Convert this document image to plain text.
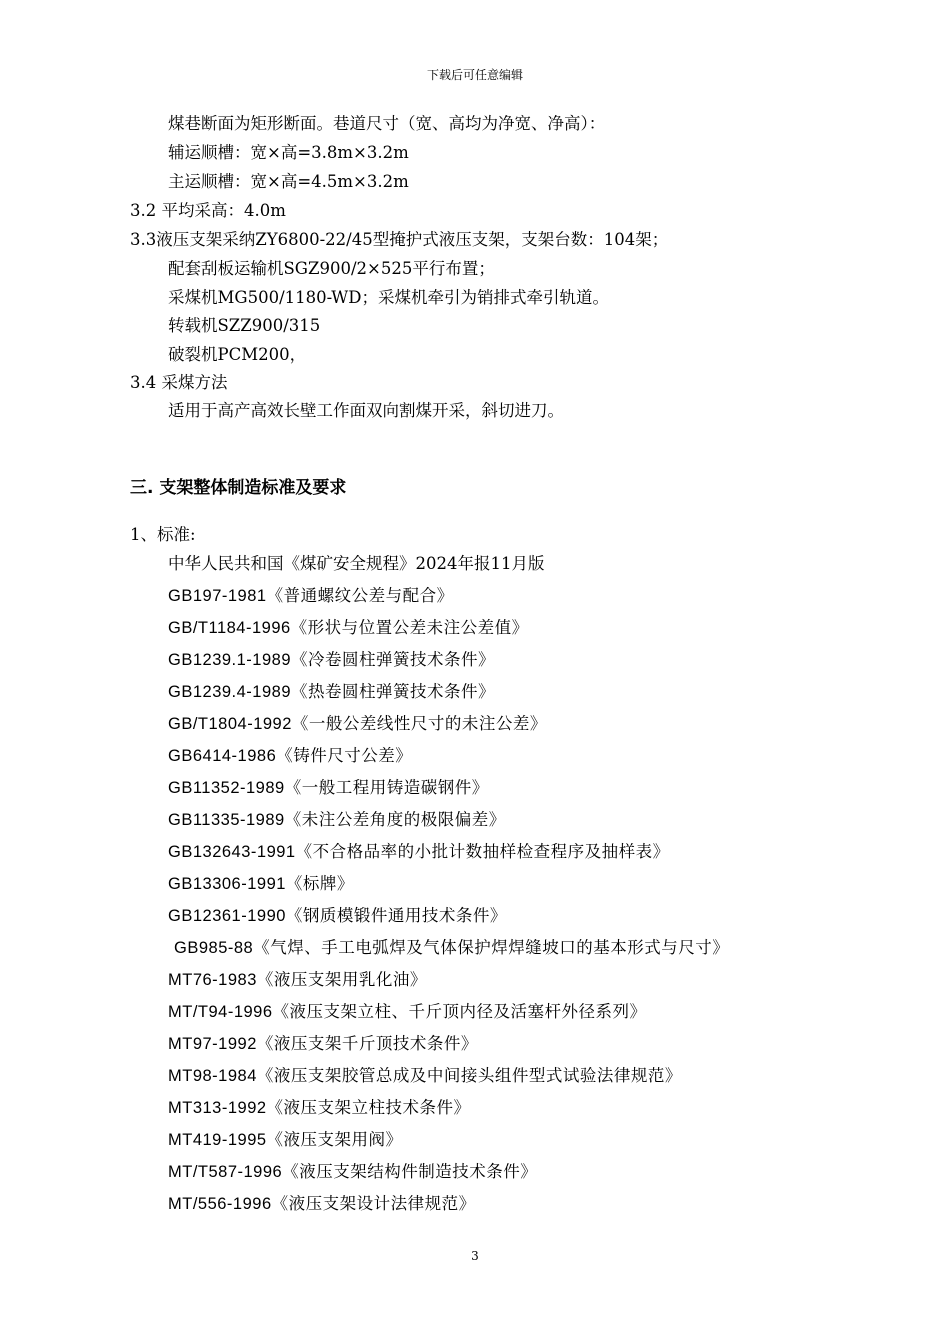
下载后可任意编辑
煤巷断面为矩形断面。巷道尺寸（宽、高均为净宽、净高）：
辅运顺槽：宽×高=3.8m×3.2m
主运顺槽：宽×高=4.5m×3.2m
3.2 平均采高：4.0m
3.3液压支架采纳ZY6800-22/45型掩护式液压支架，支架台数：104架；
配套刮板运输机SGZ900/2×525平行布置；
采煤机MG500/1180-WD；采煤机牵引为销排式牵引轨道。
转载机SZZ900/315
破裂机PCM200，
3.4 采煤方法
适用于高产高效长壁工作面双向割煤开采，斜切进刀。
三. 支架整体制造标准及要求
1、标准:
中华人民共和国《煤矿安全规程》2024年报11月版
GB197-1981《普通螺纹公差与配合》
GB/T1184-1996《形状与位置公差未注公差值》
GB1239.1-1989《冷卷圆柱弹簧技术条件》
GB1239.4-1989《热卷圆柱弹簧技术条件》
GB/T1804-1992《一般公差线性尺寸的未注公差》
GB6414-1986《铸件尺寸公差》
GB11352-1989《一般工程用铸造碳钢件》
GB11335-1989《未注公差角度的极限偏差》
GB132643-1991《不合格品率的小批计数抽样检查程序及抽样表》
GB13306-1991《标牌》
GB12361-1990《钢质模锻件通用技术条件》
GB985-88《气焊、手工电弧焊及气体保护焊焊缝坡口的基本形式与尺寸》
MT76-1983《液压支架用乳化油》
MT/T94-1996《液压支架立柱、千斤顶内径及活塞杆外径系列》
MT97-1992《液压支架千斤顶技术条件》
MT98-1984《液压支架胶管总成及中间接头组件型式试验法律规范》
MT313-1992《液压支架立柱技术条件》
MT419-1995《液压支架用阀》
MT/T587-1996《液压支架结构件制造技术条件》
MT/556-1996《液压支架设计法律规范》
3
